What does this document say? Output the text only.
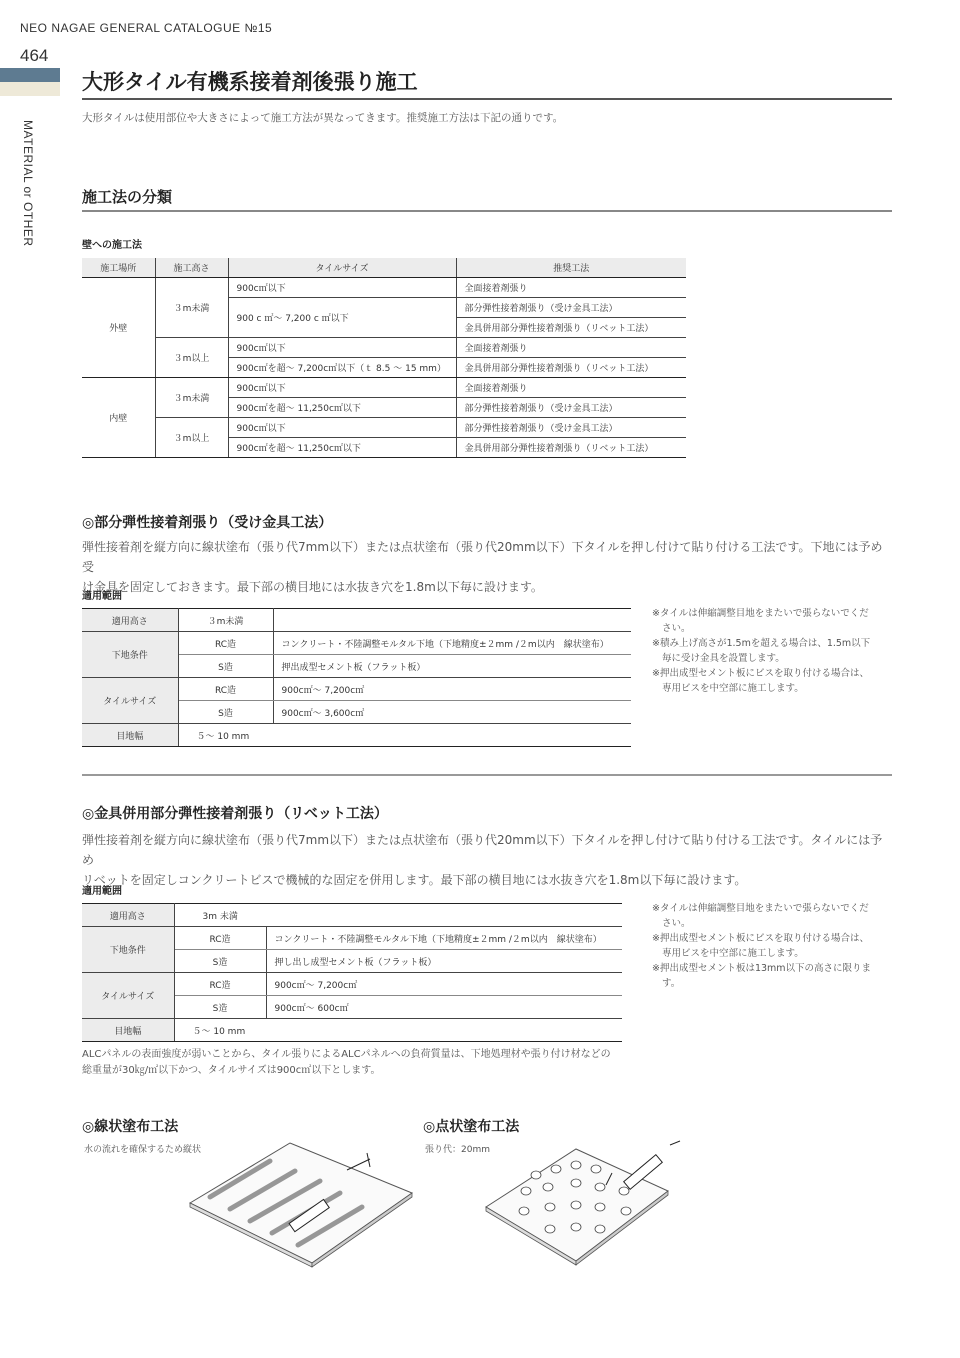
NEO NAGAE GENERAL CATALOGUE №15
464
MATERIAL or OTHER
大形タイル有機系接着剤後張り施工
大形タイルは使用部位や大きさによって施工方法が異なってきます。推奨施工方法は下記の通りです。
施工法の分類
壁への施工法
施工場所	施工高さ	タイルサイズ	推奨工法
外壁	３m未満	900c㎡以下	全面接着剤張り
		900 c ㎡～ 7,200 c ㎡以下	部分弾性接着剤張り（受け金具工法）
			金具併用部分弾性接着剤張り（リベット工法）
	３m以上	900c㎡以下	全面接着剤張り
		900c㎡を超～ 7,200c㎡以下（ｔ 8.5 ～ 15 mm）	金具併用部分弾性接着剤張り（リベット工法）
内壁	３m未満	900c㎡以下	全面接着剤張り
		900c㎡を超～ 11,250c㎡以下	部分弾性接着剤張り（受け金具工法）
	３m以上	900c㎡以下	部分弾性接着剤張り（受け金具工法）
		900c㎡を超～ 11,250c㎡以下	金具併用部分弾性接着剤張り（リベット工法）
◎部分弾性接着剤張り（受け金具工法）
弾性接着剤を縦方向に線状塗布（張り代7mm以下）または点状塗布（張り代20mm以下）下タイルを押し付けて貼り付ける工法です。下地には予め受
け金具を固定しておきます。最下部の横目地には水抜き穴を1.8m以下毎に設けます。
適用範囲
適用高さ	３m未満	
下地条件	RC造	コンクリート・不陸調整モルタル下地（下地精度±２mm /２m以内　線状塗布）
	S造	押出成型セメント板（フラット板）
タイルサイズ	RC造	900c㎡～ 7,200c㎡
	S造	900c㎡～ 3,600c㎡
目地幅	５～ 10 mm	
※タイルは伸縮調整目地をまたいで張らないでください。
※積み上げ高さが1.5mを超える場合は、1.5m以下毎に受け金具を設置します。
※押出成型セメント板にビスを取り付ける場合は、専用ビスを中空部に施工します。
◎金具併用部分弾性接着剤張り（リベット工法）
弾性接着剤を縦方向に線状塗布（張り代7mm以下）または点状塗布（張り代20mm以下）下タイルを押し付けて貼り付ける工法です。タイルには予め
リベットを固定しコンクリートビスで機械的な固定を併用します。最下部の横目地には水抜き穴を1.8m以下毎に設けます。
適用範囲
適用高さ	3m 未満	
下地条件	RC造	コンクリート・不陸調整モルタル下地（下地精度±２mm /２m以内　線状塗布）
	S造	押し出し成型セメント板（フラット板）
タイルサイズ	RC造	900c㎡～ 7,200c㎡
	S造	900c㎡～ 600c㎡
目地幅	５～ 10 mm	
※タイルは伸縮調整目地をまたいで張らないでください。
※押出成型セメント板にビスを取り付ける場合は、専用ビスを中空部に施工します。
※押出成型セメント板は13mm以下の高さに限ります。
ALCパネルの表面強度が弱いことから、タイル張りによるALCパネルへの負荷質量は、下地処理材や張り付け材などの
総重量が30㎏/㎡以下かつ、タイルサイズは900c㎡以下とします。
◎線状塗布工法
水の流れを確保するため縦状
◎点状塗布工法
張り代：20mm
